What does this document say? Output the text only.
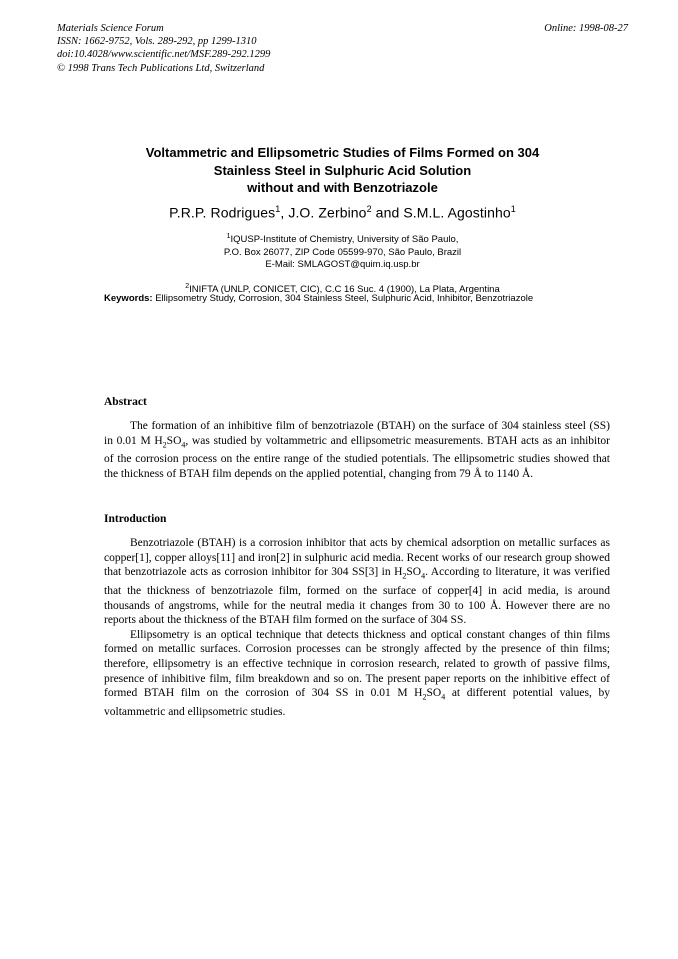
Materials Science Forum
ISSN: 1662-9752, Vols. 289-292, pp 1299-1310
doi:10.4028/www.scientific.net/MSF.289-292.1299
© 1998 Trans Tech Publications Ltd, Switzerland
Online: 1998-08-27
Voltammetric and Ellipsometric Studies of Films Formed on 304
Stainless Steel in Sulphuric Acid Solution
without and with Benzotriazole
P.R.P. Rodrigues$^1$, J.O. Zerbino$^2$ and S.M.L. Agostinho$^1$
$^1$IQUSP-Institute of Chemistry, University of São Paulo,
P.O. Box 26077, ZIP Code 05599-970, São Paulo, Brazil
E-Mail: SMLAGOST@quim.iq.usp.br
$^2$INIFTA (UNLP, CONICET, CIC), C.C 16 Suc. 4 (1900), La Plata, Argentina
Keywords: Ellipsometry Study, Corrosion, 304 Stainless Steel, Sulphuric Acid, Inhibitor, Benzotriazole
Abstract

The formation of an inhibitive film of benzotriazole (BTAH) on the surface of 304 stainless steel (SS) in 0.01 M $H_2SO_4$, was studied by voltammetric and ellipsometric measurements. BTAH acts as an inhibitor of the corrosion process on the entire range of the studied potentials. The ellipsometric studies showed that the thickness of BTAH film depends on the applied potential, changing from 79 Å to 1140 Å.

Introduction

Benzotriazole (BTAH) is a corrosion inhibitor that acts by chemical adsorption on metallic surfaces as copper[1], copper alloys[11] and iron[2] in sulphuric acid media. Recent works of our research group showed that benzotriazole acts as corrosion inhibitor for 304 SS[3] in $H_2SO_4$. According to literature, it was verified that the thickness of benzotriazole film, formed on the surface of copper[4] in acid media, is around thousands of angstroms, while for the neutral media it changes from 30 to 100 Å. However there are no reports about the thickness of the BTAH film formed on the surface of 304 SS.

Ellipsometry is an optical technique that detects thickness and optical constant changes of thin films formed on metallic surfaces. Corrosion processes can be strongly affected by the presence of thin films; therefore, ellipsometry is an effective technique in corrosion research, related to growth of passive films, presence of inhibitive film, film breakdown and so on. The present paper reports on the inhibitive effect of formed BTAH film on the corrosion of 304 SS in 0.01 M $H_2SO_4$ at different potential values, by voltammetric and ellipsometric studies.
